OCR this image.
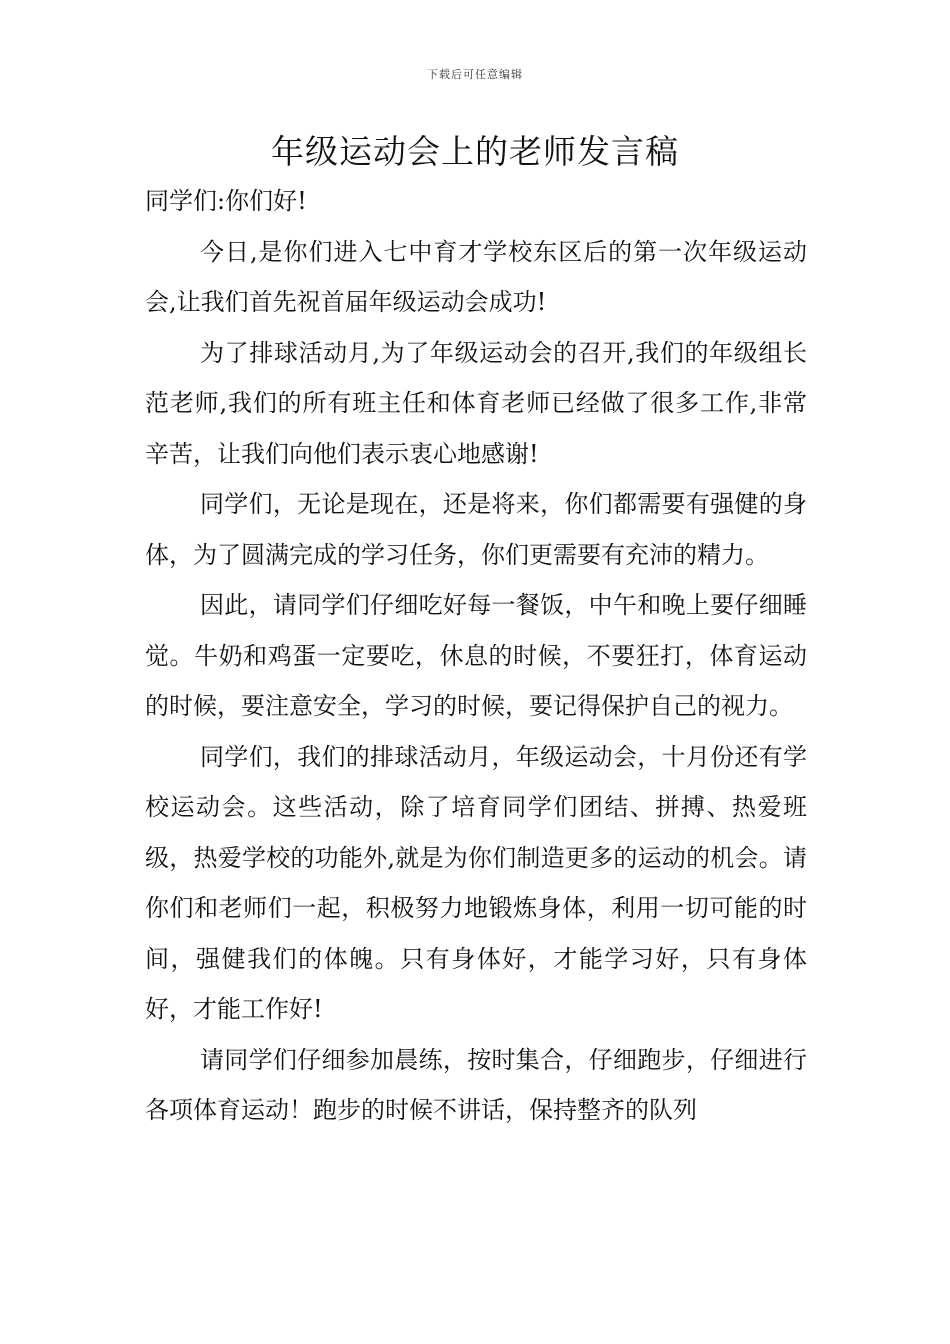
下载后可任意编辑
年级运动会上的老师发言稿

同学们:你们好!

今日,是你们进入七中育才学校东区后的第一次年级运动会,让我们首先祝首届年级运动会成功!

为了排球活动月,为了年级运动会的召开,我们的年级组长范老师,我们的所有班主任和体育老师已经做了很多工作,非常辛苦，让我们向他们表示衷心地感谢!

同学们，无论是现在，还是将来，你们都需要有强健的身体，为了圆满完成的学习任务，你们更需要有充沛的精力。

因此，请同学们仔细吃好每一餐饭，中午和晚上要仔细睡觉。牛奶和鸡蛋一定要吃，休息的时候，不要狂打，体育运动的时候，要注意安全，学习的时候，要记得保护自己的视力。

同学们，我们的排球活动月，年级运动会，十月份还有学校运动会。这些活动，除了培育同学们团结、拼搏、热爱班级，热爱学校的功能外,就是为你们制造更多的运动的机会。请你们和老师们一起，积极努力地锻炼身体，利用一切可能的时间，强健我们的体魄。只有身体好，才能学习好，只有身体好，才能工作好!

请同学们仔细参加晨练，按时集合，仔细跑步，仔细进行各项体育运动！跑步的时候不讲话，保持整齐的队列
